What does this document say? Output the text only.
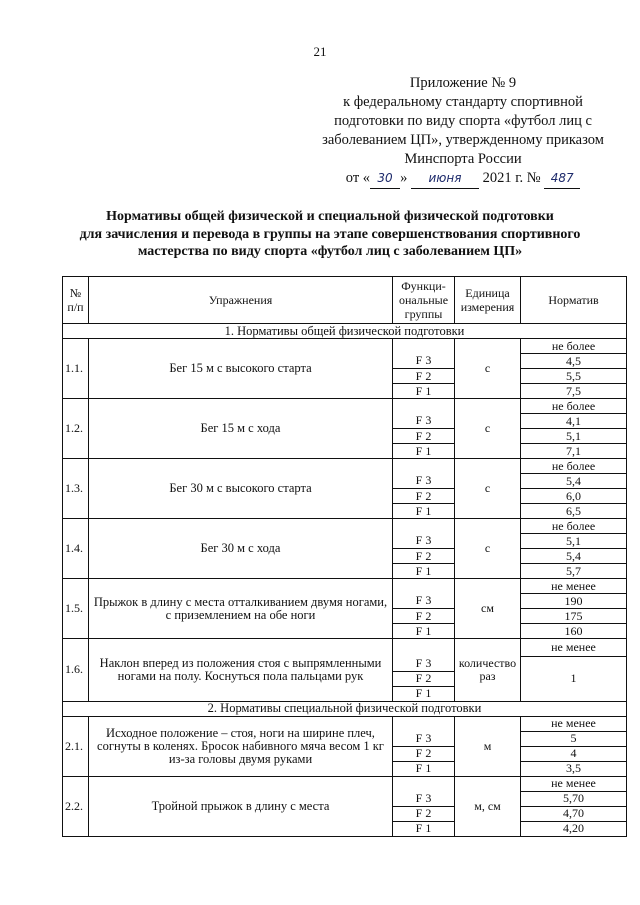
21
Приложение № 9
к федеральному стандарту спортивной
подготовки по виду спорта «футбол лиц с
заболеванием ЦП», утвержденному приказом
Минспорта России
от « 30 » июня 2021 г. № 487
Нормативы общей физической и специальной физической подготовки
для зачисления и перевода в группы на этапе совершенствования спортивного
мастерства по виду спорта «футбол лиц с заболеванием ЦП»
№ п/п	Упражнения	Функци-ональные группы	Единица измерения	Норматив
1. Нормативы общей физической подготовки				
1.1.	Бег 15 м с высокого старта		с	не более
		F 3		4,5
		F 2		5,5
		F 1		7,5
1.2.	Бег 15 м с хода		с	не более
		F 3		4,1
		F 2		5,1
		F 1		7,1
1.3.	Бег 30 м с высокого старта		с	не более
		F 3		5,4
		F 2		6,0
		F 1		6,5
1.4.	Бег 30 м с хода		с	не более
		F 3		5,1
		F 2		5,4
		F 1		5,7
1.5.	Прыжок в длину с места отталкиванием двумя ногами, с приземлением на обе ноги		см	не менее
		F 3		190
		F 2		175
		F 1		160
1.6.	Наклон вперед из положения стоя с выпрямленными ногами на полу. Коснуться пола пальцами рук		количество раз	не менее
		F 3		1
		F 2		
		F 1		
2. Нормативы специальной физической подготовки				
2.1.	Исходное положение – стоя, ноги на ширине плеч, согнуты в коленях. Бросок набивного мяча весом 1 кг из-за головы двумя руками		м	не менее
		F 3		5
		F 2		4
		F 1		3,5
2.2.	Тройной прыжок в длину с места		м, см	не менее
		F 3		5,70
		F 2		4,70
		F 1		4,20
